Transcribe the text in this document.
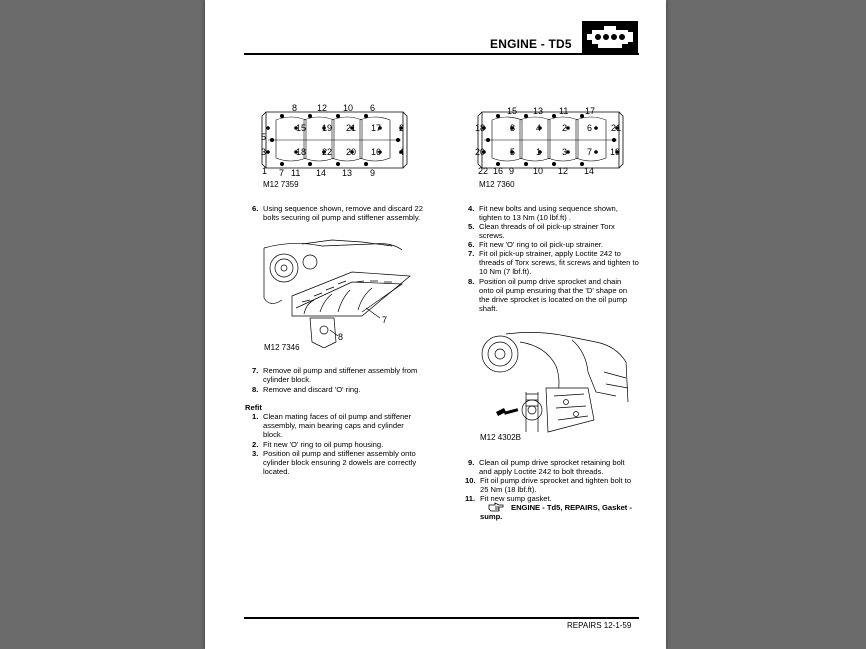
ENGINE - TD5
8 12 10 6
5
15 19 21 17 2
3	18 22 20 16 4
1 7 11 14 13 9
M12 7359
15 13 11 17
18	8 4 2 6 21
20	5 1 3 7 19
22 16 9 10 12 14
M12 7360
6. Using sequence shown, remove and discard 22
bolts securing oil pump and stiffener assembly.
7
8
M12 7346
7. Remove oil pump and stiffener assembly from
cylinder block.
8. Remove and discard 'O' ring.
Refit
1. Clean mating faces of oil pump and stiffener
assembly, main bearing caps and cylinder
block.
2. Fit new 'O' ring to oil pump housing.
3. Position oil pump and stiffener assembly onto
cylinder block ensuring 2 dowels are correctly
located.
4. Fit new bolts and using sequence shown,
tighten to 13 Nm (10 lbf.ft) .
5. Clean threads of oil pick-up strainer Torx
screws.
6. Fit new 'O' ring to oil pick-up strainer.
7. Fit oil pick-up strainer, apply Loctite 242 to
threads of Torx screws, fit screws and tighten to
10 Nm (7 lbf.ft).
8. Position oil pump drive sprocket and chain
onto oil pump ensuring that the 'D' shape on
the drive sprocket is located on the oil pump
shaft.
M12 4302B
9. Clean oil pump drive sprocket retaining bolt
and apply Loctite 242 to bolt threads.
10. Fit oil pump drive sprocket and tighten bolt to
25 Nm (18 lbf.ft).
11. Fit new sump gasket.
ENGINE - Td5, REPAIRS, Gasket -
sump.
REPAIRS 12-1-59
